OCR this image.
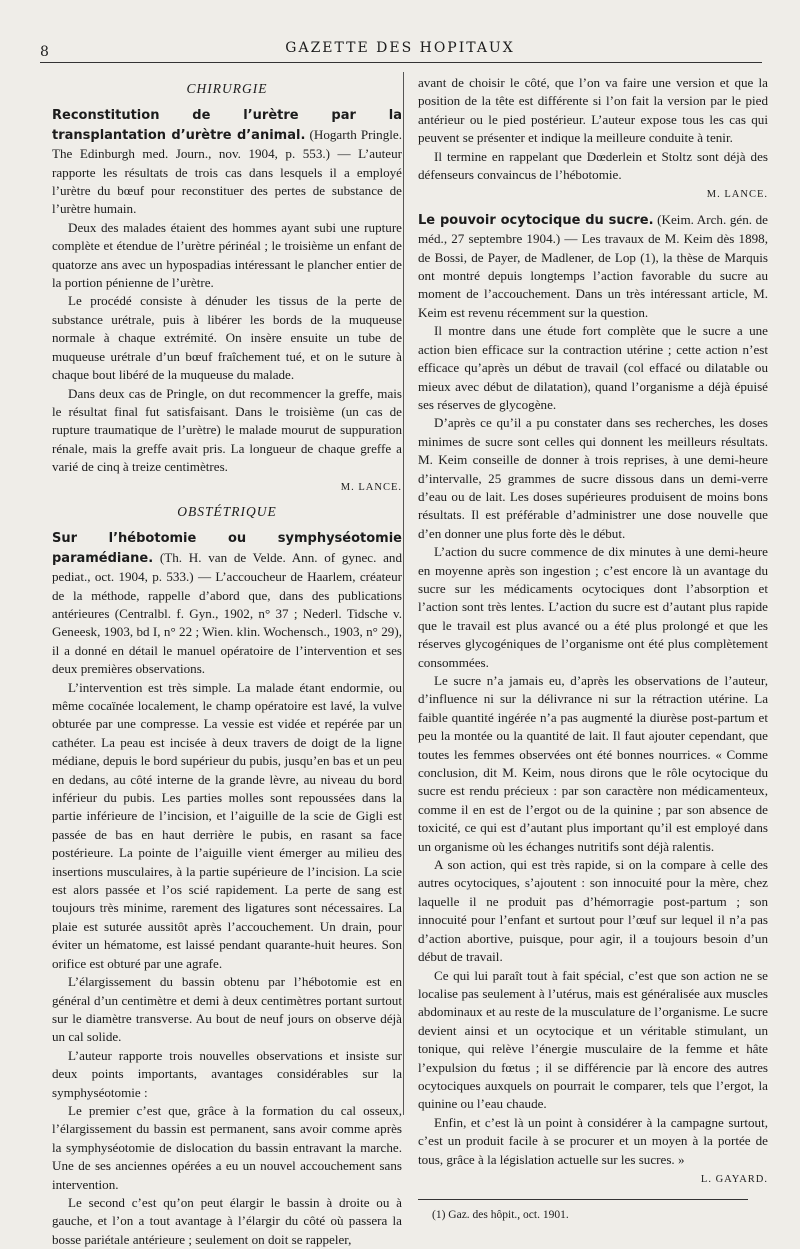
8	GAZETTE DES HOPITAUX
CHIRURGIE

Reconstitution de l’urètre par la transplantation d’urètre d’animal. (Hogarth Pringle. The Edinburgh med. Journ., nov. 1904, p. 553.) — L’auteur rapporte les résultats de trois cas dans lesquels il a employé l’urètre du bœuf pour reconstituer des pertes de substance de l’urètre humain.

Deux des malades étaient des hommes ayant subi une rupture complète et étendue de l’urètre périnéal ; le troisième un enfant de quatorze ans avec un hypospadias intéressant le plancher entier de la portion pénienne de l’urètre.

Le procédé consiste à dénuder les tissus de la perte de substance urétrale, puis à libérer les bords de la muqueuse normale à chaque extrémité. On insère ensuite un tube de muqueuse urétrale d’un bœuf fraîchement tué, et on le suture à chaque bout libéré de la muqueuse du malade.

Dans deux cas de Pringle, on dut recommencer la greffe, mais le résultat final fut satisfaisant. Dans le troisième (un cas de rupture traumatique de l’urètre) le malade mourut de suppuration rénale, mais la greffe avait pris. La longueur de chaque greffe a varié de cinq à treize centimètres.

M. LANCE.
OBSTÉTRIQUE

Sur l’hébotomie ou symphyséotomie paramédiane. (Th. H. van de Velde. Ann. of gynec. and pediat., oct. 1904, p. 533.) — L’accoucheur de Haarlem, créateur de la méthode, rappelle d’abord que, dans des publications antérieures (Centralbl. f. Gyn., 1902, n° 37 ; Nederl. Tidsche v. Geneesk, 1903, bd I, n° 22 ; Wien. klin. Wochensch., 1903, n° 29), il a donné en détail le manuel opératoire de l’intervention et ses deux premières observations.

L’intervention est très simple. La malade étant endormie, ou même cocaïnée localement, le champ opératoire est lavé, la vulve obturée par une compresse. La vessie est vidée et repérée par un cathéter. La peau est incisée à deux travers de doigt de la ligne médiane, depuis le bord supérieur du pubis, jusqu’en bas et un peu en dedans, au côté interne de la grande lèvre, au niveau du bord inférieur du pubis. Les parties molles sont repoussées dans la partie inférieure de l’incision, et l’aiguille de la scie de Gigli est passée de bas en haut derrière le pubis, en rasant sa face postérieure. La pointe de l’aiguille vient émerger au milieu des insertions musculaires, à la partie supérieure de l’incision. La scie est alors passée et l’os scié rapidement. La perte de sang est toujours très minime, rarement des ligatures sont nécessaires. La plaie est suturée aussitôt après l’accouchement. Un drain, pour éviter un hématome, est laissé pendant quarante-huit heures. Son orifice est obturé par une agrafe.

L’élargissement du bassin obtenu par l’hébotomie est en général d’un centimètre et demi à deux centimètres portant surtout sur le diamètre transverse. Au bout de neuf jours on observe déjà un cal solide.

L’auteur rapporte trois nouvelles observations et insiste sur deux points importants, avantages considérables sur la symphyséotomie :

Le premier c’est que, grâce à la formation du cal osseux, l’élargissement du bassin est permanent, sans avoir comme après la symphyséotomie de dislocation du bassin entravant la marche. Une de ses anciennes opérées a eu un nouvel accouchement sans intervention.

Le second c’est qu’on peut élargir le bassin à droite ou à gauche, et l’on a tout avantage à l’élargir du côté où passera la bosse pariétale antérieure ; seulement on doit se rappeler,

avant de choisir le côté, que l’on va faire une version et que la position de la tête est différente si l’on fait la version par le pied antérieur ou le pied postérieur. L’auteur expose tous les cas qui peuvent se présenter et indique la meilleure conduite à tenir.

Il termine en rappelant que Dœderlein et Stoltz sont déjà des défenseurs convaincus de l’hébotomie.

M. LANCE.

Le pouvoir ocytocique du sucre. (Keim. Arch. gén. de méd., 27 septembre 1904.) — Les travaux de M. Keim dès 1898, de Bossi, de Payer, de Madlener, de Lop (1), la thèse de Marquis ont montré depuis longtemps l’action favorable du sucre au moment de l’accouchement. Dans un très intéressant article, M. Keim est revenu récemment sur la question.

Il montre dans une étude fort complète que le sucre a une action bien efficace sur la contraction utérine ; cette action n’est efficace qu’après un début de travail (col effacé ou dilatable ou mieux avec début de dilatation), quand l’organisme a déjà épuisé ses réserves de glycogène.

D’après ce qu’il a pu constater dans ses recherches, les doses minimes de sucre sont celles qui donnent les meilleurs résultats. M. Keim conseille de donner à trois reprises, à une demi-heure d’intervalle, 25 grammes de sucre dissous dans un demi-verre d’eau ou de lait. Les doses supérieures produisent de moins bons résultats. Il est préférable d’administrer une dose nouvelle que d’en donner une plus forte dès le début.

L’action du sucre commence de dix minutes à une demi-heure en moyenne après son ingestion ; c’est encore là un avantage du sucre sur les médicaments ocytociques dont l’absorption et l’action sont très lentes. L’action du sucre est d’autant plus rapide que le travail est plus avancé ou a été plus prolongé et que les réserves glycogéniques de l’organisme ont été plus complètement consommées.

Le sucre n’a jamais eu, d’après les observations de l’auteur, d’influence ni sur la délivrance ni sur la rétraction utérine. La faible quantité ingérée n’a pas augmenté la diurèse post-partum et peu la montée ou la quantité de lait. Il faut ajouter cependant, que toutes les femmes observées ont été bonnes nourrices. « Comme conclusion, dit M. Keim, nous dirons que le rôle ocytocique du sucre est rendu précieux : par son caractère non médicamenteux, comme il en est de l’ergot ou de la quinine ; par son absence de toxicité, ce qui est d’autant plus important qu’il est employé dans un organisme où les échanges nutritifs sont déjà ralentis.

A son action, qui est très rapide, si on la compare à celle des autres ocytociques, s’ajoutent : son innocuité pour la mère, chez laquelle il ne produit pas d’hémorragie post-partum ; son innocuité pour l’enfant et surtout pour l’œuf sur lequel il n’a pas d’action abortive, puisque, pour agir, il a toujours besoin d’un début de travail.

Ce qui lui paraît tout à fait spécial, c’est que son action ne se localise pas seulement à l’utérus, mais est généralisée aux muscles abdominaux et au reste de la musculature de l’organisme. Le sucre devient ainsi et un ocytocique et un véritable stimulant, un tonique, qui relève l’énergie musculaire de la femme et hâte l’expulsion du fœtus ; il se différencie par là encore des autres ocytociques auxquels on pourrait le comparer, tels que l’ergot, la quinine ou l’eau chaude.

Enfin, et c’est là un point à considérer à la campagne surtout, c’est un produit facile à se procurer et un moyen à la portée de tous, grâce à la législation actuelle sur les sucres. »

L. GAYARD.

(1) Gaz. des hôpit., oct. 1901.
